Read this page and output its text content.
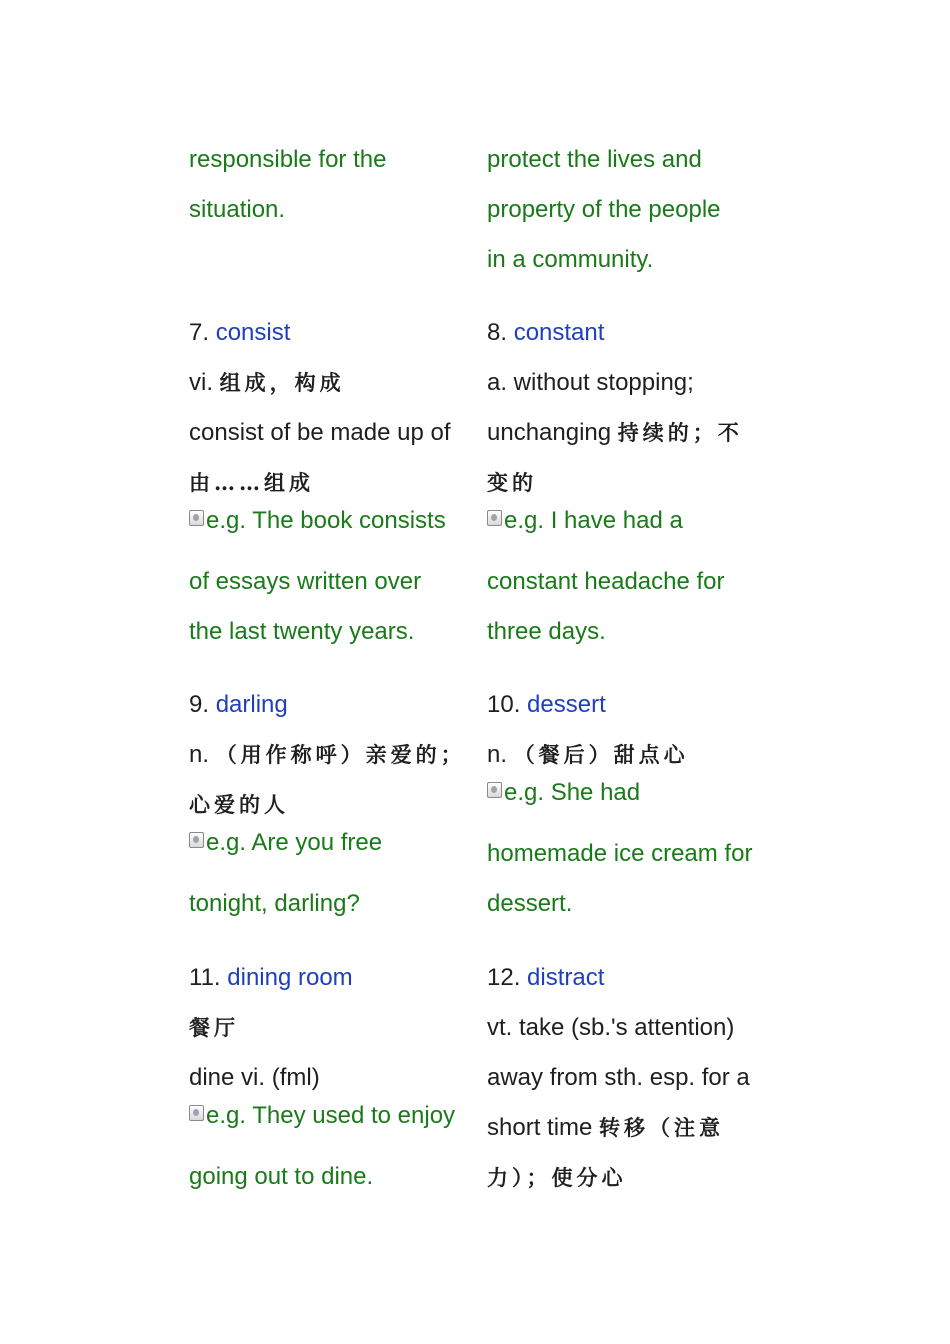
responsible for the
situation.
protect the lives and
property of the people
in a community.
7. consist
vi. 组成，构成
consist of be made up of
由……组成
e.g. The book consists
of essays written over
the last twenty years.
8. constant
a. without stopping;
unchanging 持续的；不
变的
e.g. I have had a
constant headache for
three days.
9. darling
n. （用作称呼）亲爱的；
心爱的人
e.g. Are you free
tonight, darling?
10. dessert
n. （餐后）甜点心
e.g. She had
homemade ice cream for
dessert.
11. dining room
餐厅
dine vi. (fml)
e.g. They used to enjoy
going out to dine.
12. distract
vt. take (sb.'s attention)
away from sth. esp. for a
short time 转移（注意
力）；使分心
